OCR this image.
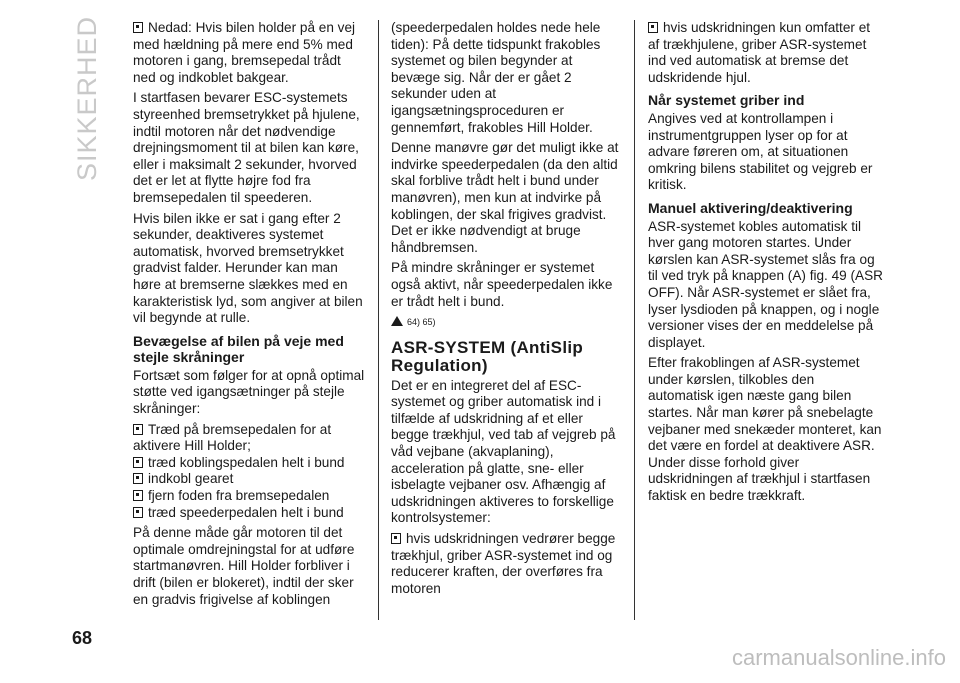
SIKKERHED	Nedad: Hvis bilen holder på en vej med hældning på mere end 5% med motoren i gang, bremsepedal trådt ned og indkoblet bakgear.

I startfasen bevarer ESC-systemets styreenhed bremsetrykket på hjulene, indtil motoren når det nødvendige drejningsmoment til at bilen kan køre, eller i maksimalt 2 sekunder, hvorved det er let at flytte højre fod fra bremsepedalen til speederen.

Hvis bilen ikke er sat i gang efter 2 sekunder, deaktiveres systemet automatisk, hvorved bremsetrykket gradvist falder. Herunder kan man høre at bremserne slækkes med en karakteristisk lyd, som angiver at bilen vil begynde at rulle.

Bevægelse af bilen på veje med stejle skråninger

Fortsæt som følger for at opnå optimal støtte ved igangsætninger på stejle skråninger:

Træd på bremsepedalen for at aktivere Hill Holder;
træd koblingspedalen helt i bund
indkobl gearet
fjern foden fra bremsepedalen
træd speederpedalen helt i bund

På denne måde går motoren til det optimale omdrejningstal for at udføre startmanøvren. Hill Holder forbliver i drift (bilen er blokeret), indtil der sker en gradvis frigivelse af koblingen

(speederpedalen holdes nede hele tiden): På dette tidspunkt frakobles systemet og bilen begynder at bevæge sig. Når der er gået 2 sekunder uden at igangsætningsproceduren er gennemført, frakobles Hill Holder.

Denne manøvre gør det muligt ikke at indvirke speederpedalen (da den altid skal forblive trådt helt i bund under manøvren), men kun at indvirke på koblingen, der skal frigives gradvist. Det er ikke nødvendigt at bruge håndbremsen.

På mindre skråninger er systemet også aktivt, når speederpedalen ikke er trådt helt i bund.

64) 65)
ASR-SYSTEM (AntiSlip Regulation)

Det er en integreret del af ESC-systemet og griber automatisk ind i tilfælde af udskridning af et eller begge trækhjul, ved tab af vejgreb på våd vejbane (akvaplaning), acceleration på glatte, sne- eller isbelagte vejbaner osv. Afhængig af udskridningen aktiveres to forskellige kontrolsystemer:

hvis udskridningen vedrører begge trækhjul, griber ASR-systemet ind og reducerer kraften, der overføres fra motoren
hvis udskridningen kun omfatter et af trækhjulene, griber ASR-systemet ind ved automatisk at bremse det udskridende hjul.
Når systemet griber ind

Angives ved at kontrollampen i instrumentgruppen lyser op for at advare føreren om, at situationen omkring bilens stabilitet og vejgreb er kritisk.

Manuel aktivering/deaktivering

ASR-systemet kobles automatisk til hver gang motoren startes. Under kørslen kan ASR-systemet slås fra og til ved tryk på knappen (A) fig. 49 (ASR OFF). Når ASR-systemet er slået fra, lyser lysdioden på knappen, og i nogle versioner vises der en meddelelse på displayet.

Efter frakoblingen af ASR-systemet under kørslen, tilkobles den automatisk igen næste gang bilen startes. Når man kører på snebelagte vejbaner med snekæder monteret, kan det være en fordel at deaktivere ASR. Under disse forhold giver udskridningen af trækhjul i startfasen faktisk en bedre trækkraft.

68
carmanualsonline.info
